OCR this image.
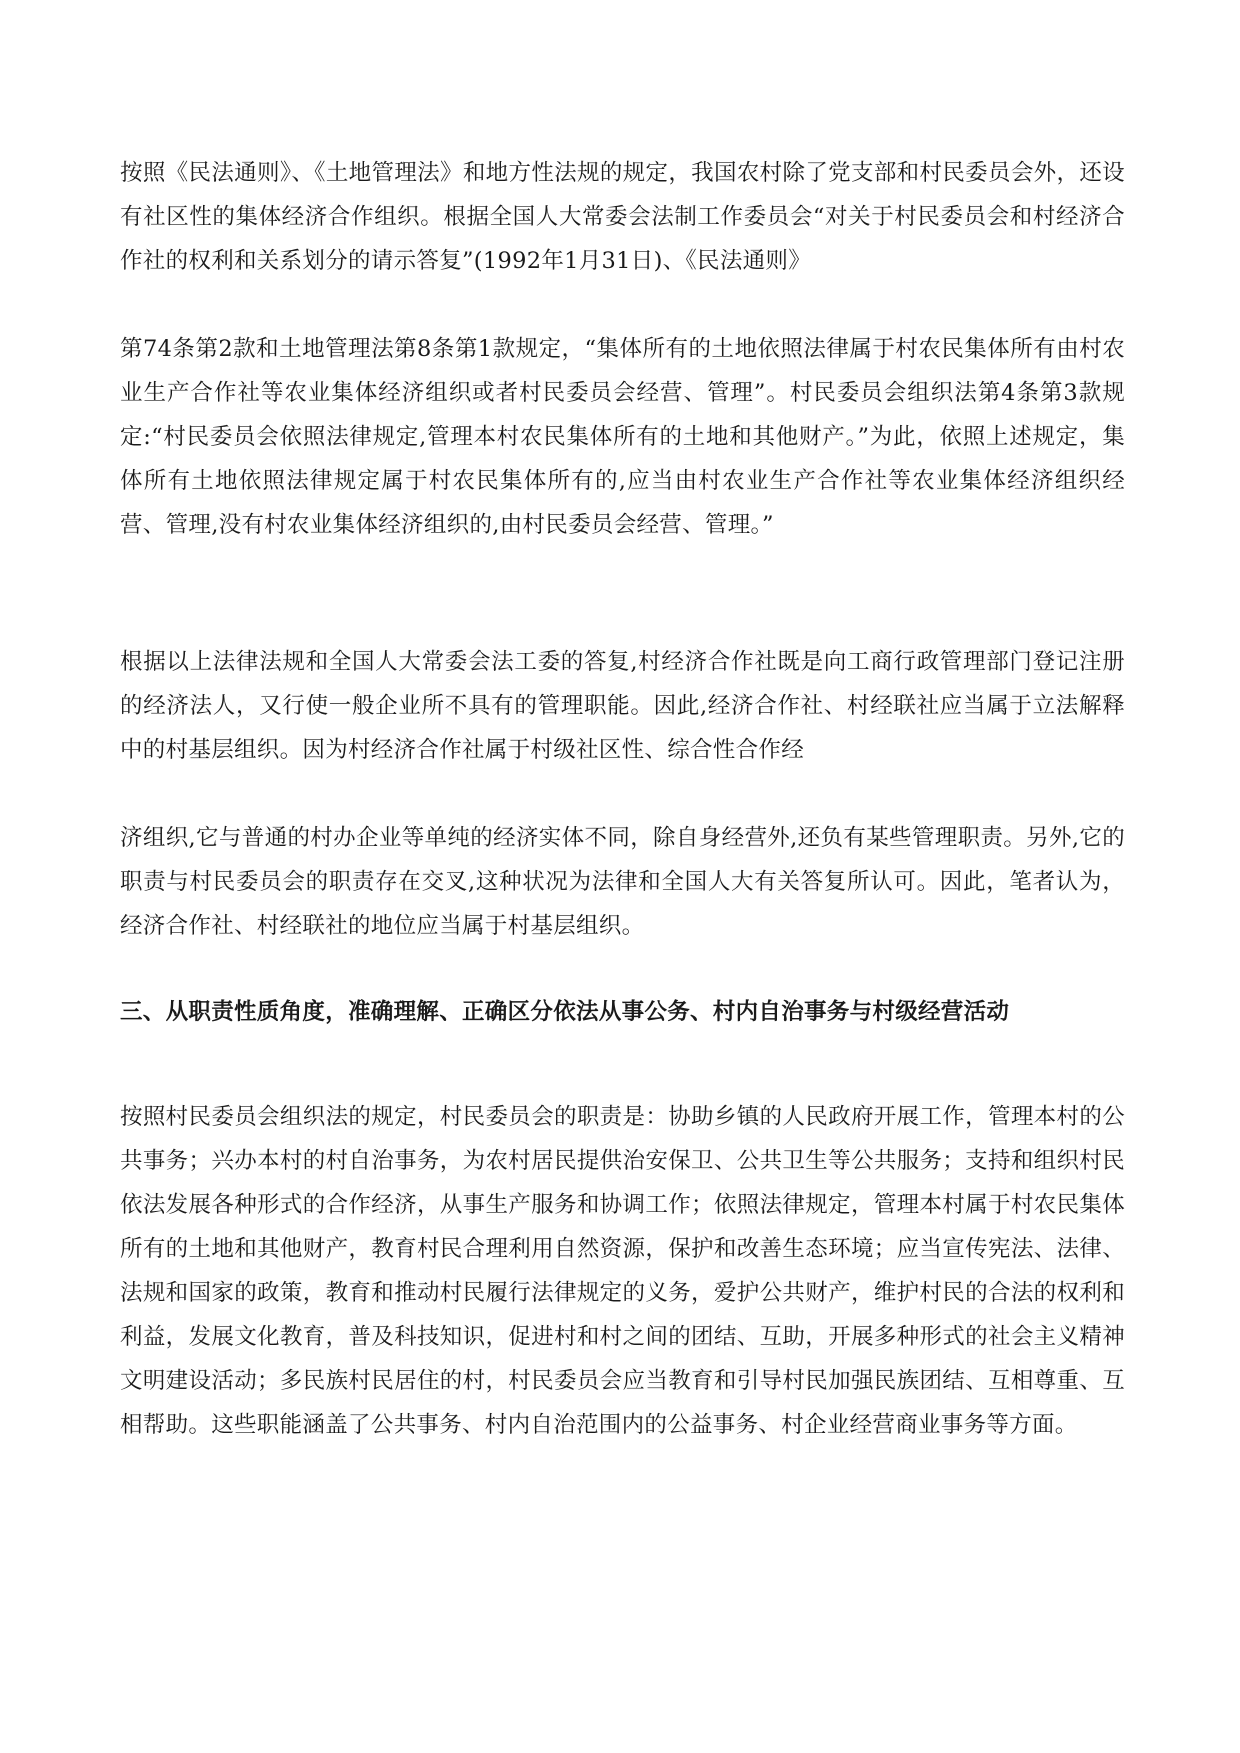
按照《民法通则》、《土地管理法》和地方性法规的规定，我国农村除了党支部和村民委员会外，还设有社区性的集体经济合作组织。根据全国人大常委会法制工作委员会“对关于村民委员会和村经济合作社的权利和关系划分的请示答复”(1992年1月31日)、《民法通则》

第74条第2款和土地管理法第8条第1款规定，“集体所有的土地依照法律属于村农民集体所有由村农业生产合作社等农业集体经济组织或者村民委员会经营、管理”。村民委员会组织法第4条第3款规定:“村民委员会依照法律规定,管理本村农民集体所有的土地和其他财产。”为此，依照上述规定，集体所有土地依照法律规定属于村农民集体所有的,应当由村农业生产合作社等农业集体经济组织经营、管理,没有村农业集体经济组织的,由村民委员会经营、管理。”

根据以上法律法规和全国人大常委会法工委的答复,村经济合作社既是向工商行政管理部门登记注册的经济法人，又行使一般企业所不具有的管理职能。因此,经济合作社、村经联社应当属于立法解释中的村基层组织。因为村经济合作社属于村级社区性、综合性合作经

济组织,它与普通的村办企业等单纯的经济实体不同，除自身经营外,还负有某些管理职责。另外,它的职责与村民委员会的职责存在交叉,这种状况为法律和全国人大有关答复所认可。因此，笔者认为，经济合作社、村经联社的地位应当属于村基层组织。

三、从职责性质角度，准确理解、正确区分依法从事公务、村内自治事务与村级经营活动

按照村民委员会组织法的规定，村民委员会的职责是：协助乡镇的人民政府开展工作，管理本村的公共事务；兴办本村的村自治事务，为农村居民提供治安保卫、公共卫生等公共服务；支持和组织村民依法发展各种形式的合作经济，从事生产服务和协调工作；依照法律规定，管理本村属于村农民集体所有的土地和其他财产，教育村民合理利用自然资源，保护和改善生态环境；应当宣传宪法、法律、法规和国家的政策，教育和推动村民履行法律规定的义务，爱护公共财产，维护村民的合法的权利和利益，发展文化教育，普及科技知识，促进村和村之间的团结、互助，开展多种形式的社会主义精神文明建设活动；多民族村民居住的村，村民委员会应当教育和引导村民加强民族团结、互相尊重、互相帮助。这些职能涵盖了公共事务、村内自治范围内的公益事务、村企业经营商业事务等方面。
